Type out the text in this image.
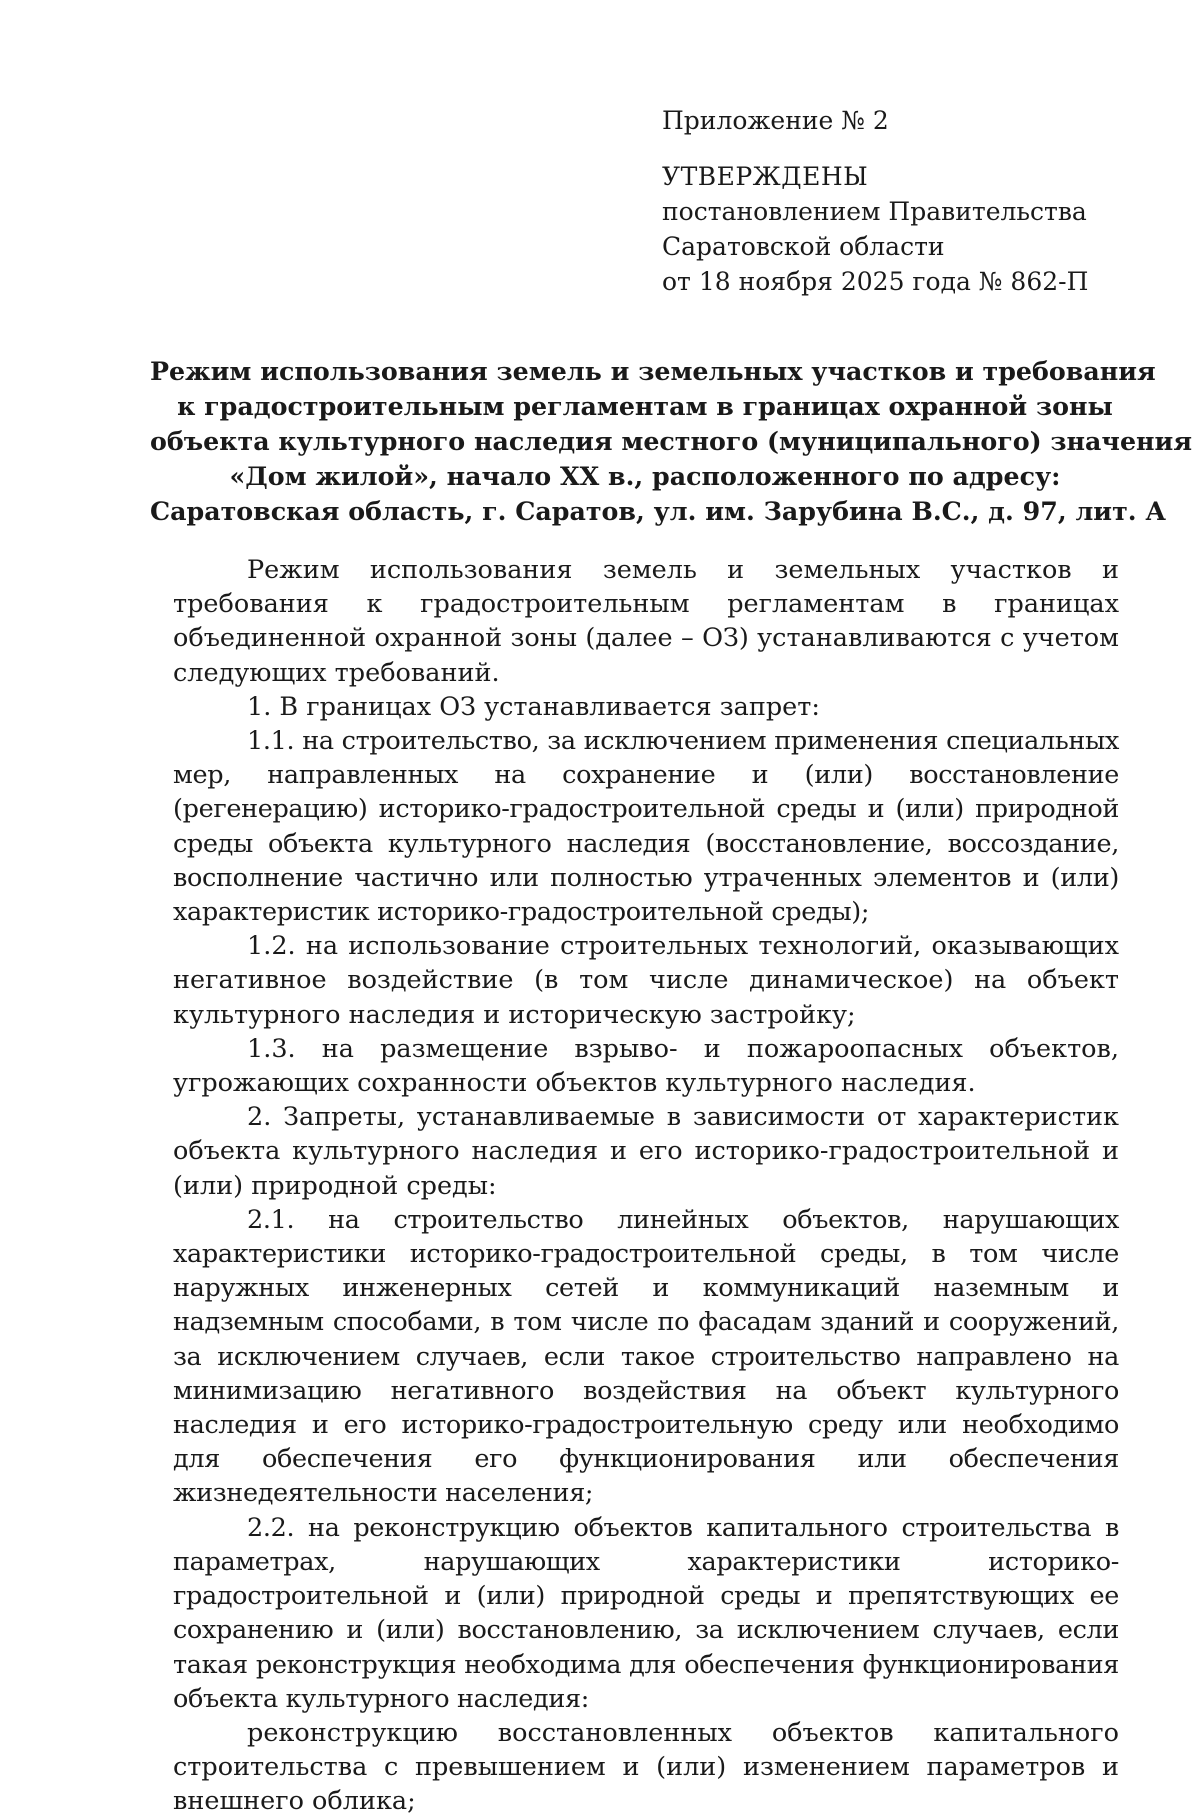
Приложение № 2
УТВЕРЖДЕНЫ
постановлением Правительства
Саратовской области
от 18 ноября 2025 года № 862-П
Режим использования земель и земельных участков и требования
к градостроительным регламентам в границах охранной зоны
объекта культурного наследия местного (муниципального) значения
«Дом жилой», начало XX в., расположенного по адресу:
Саратовская область, г. Саратов, ул. им. Зарубина В.С., д. 97, лит. А

Режим использования земель и земельных участков и требования к градостроительным регламентам в границах объединенной охранной зоны (далее – ОЗ) устанавливаются с учетом следующих требований.

1. В границах ОЗ устанавливается запрет:

1.1. на строительство, за исключением применения специальных мер, направленных на сохранение и (или) восстановление (регенерацию) историко-градостроительной среды и (или) природной среды объекта культурного наследия (восстановление, воссоздание, восполнение частично или полностью утраченных элементов и (или) характеристик историко-градостроительной среды);

1.2. на использование строительных технологий, оказывающих негативное воздействие (в том числе динамическое) на объект культурного наследия и историческую застройку;

1.3. на размещение взрыво- и пожароопасных объектов, угрожающих сохранности объектов культурного наследия.

2. Запреты, устанавливаемые в зависимости от характеристик объекта культурного наследия и его историко-градостроительной и (или) природной среды:

2.1. на строительство линейных объектов, нарушающих характеристики историко-градостроительной среды, в том числе наружных инженерных сетей и коммуникаций наземным и надземным способами, в том числе по фасадам зданий и сооружений, за исключением случаев, если такое строительство направлено на минимизацию негативного воздействия на объект культурного наследия и его историко-градостроительную среду или необходимо для обеспечения его функционирования или обеспечения жизнедеятельности населения;

2.2. на реконструкцию объектов капитального строительства в параметрах, нарушающих характеристики историко-градостроительной и (или) природной среды и препятствующих ее сохранению и (или) восстановлению, за исключением случаев, если такая реконструкция необходима для обеспечения функционирования объекта культурного наследия:

реконструкцию восстановленных объектов капитального строительства с превышением и (или) изменением параметров и внешнего облика;
